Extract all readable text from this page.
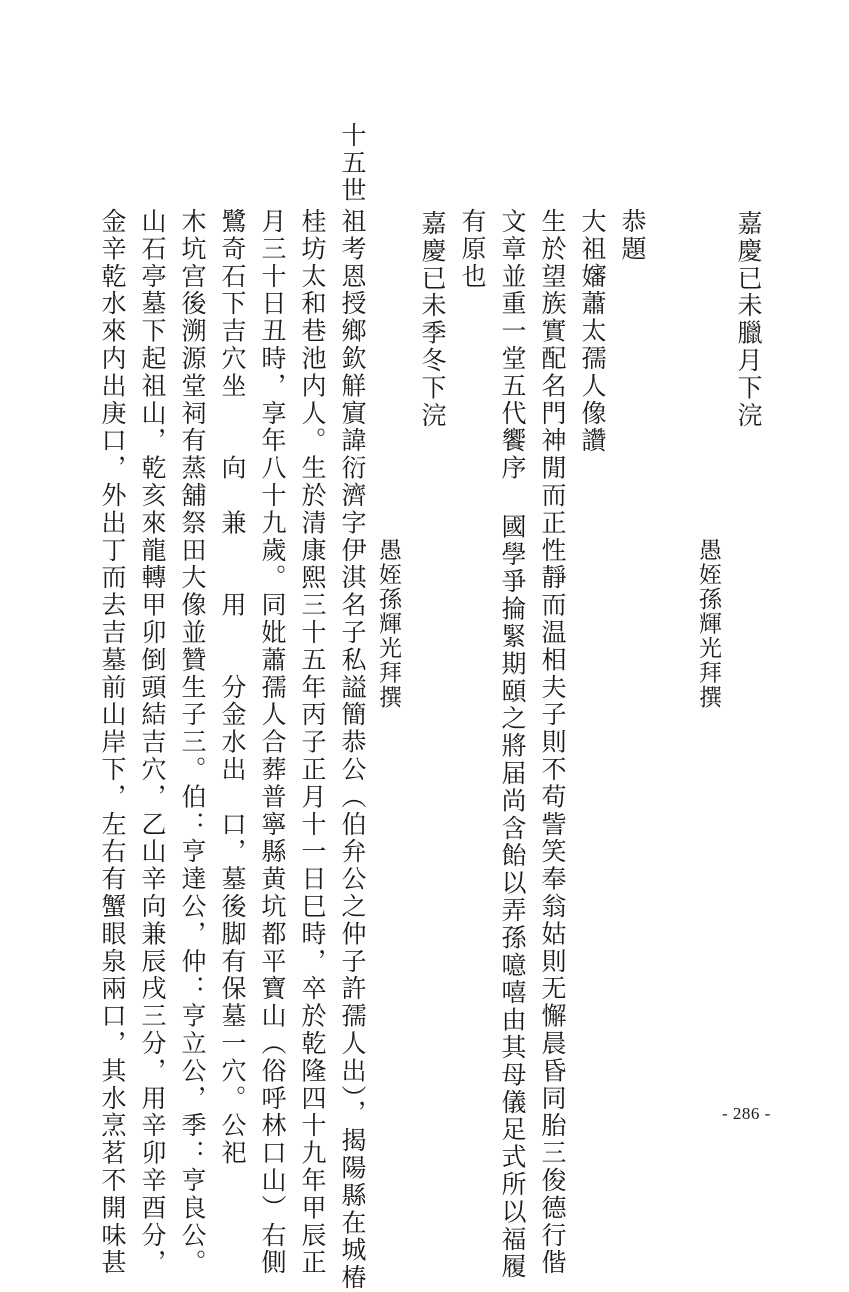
嘉慶已未臘月下浣
愚姪孫輝光拜撰
恭題
大祖嬸蕭太孺人像讚
生於望族實配名門神閒而正性靜而温相夫子則不苟訾笑奉翁姑則无懈晨昏同胎三俊德行偕
文章並重一堂五代饗序 國學爭掄緊期頤之將届尚含飴以弄孫噫嘻由其母儀足式所以福履
有原也
嘉慶已未季冬下浣
愚姪孫輝光拜撰
十五世
祖考恩授鄉欽觧賔諱衍濟字伊淇名子私謚簡恭公（伯弁公之仲子許孺人出），揭陽縣在城椿
桂坊太和巷池内人。生於清康熙三十五年丙子正月十一日巳時，卒於乾隆四十九年甲辰正
月三十日丑時，享年八十九歲。同妣蕭孺人合葬普寧縣黄坑都平寶山（俗呼林口山）右側
鷺奇石下吉穴坐　　向　兼　　用　　分金水出　口，墓後脚有保墓一穴。公祀
木坑宫後溯源堂祠有蒸舖祭田大像並贊生子三。伯：亨達公，仲：亨立公，季：亨良公。
山石亭墓下起祖山，乾亥來龍轉甲卯倒頭結吉穴，乙山辛向兼辰戌三分，用辛卯辛酉分，
金辛乾水來内出庚口，外出丁而去吉墓前山岸下，左右有蟹眼泉兩口，其水烹茗不開味甚	- 286 -
